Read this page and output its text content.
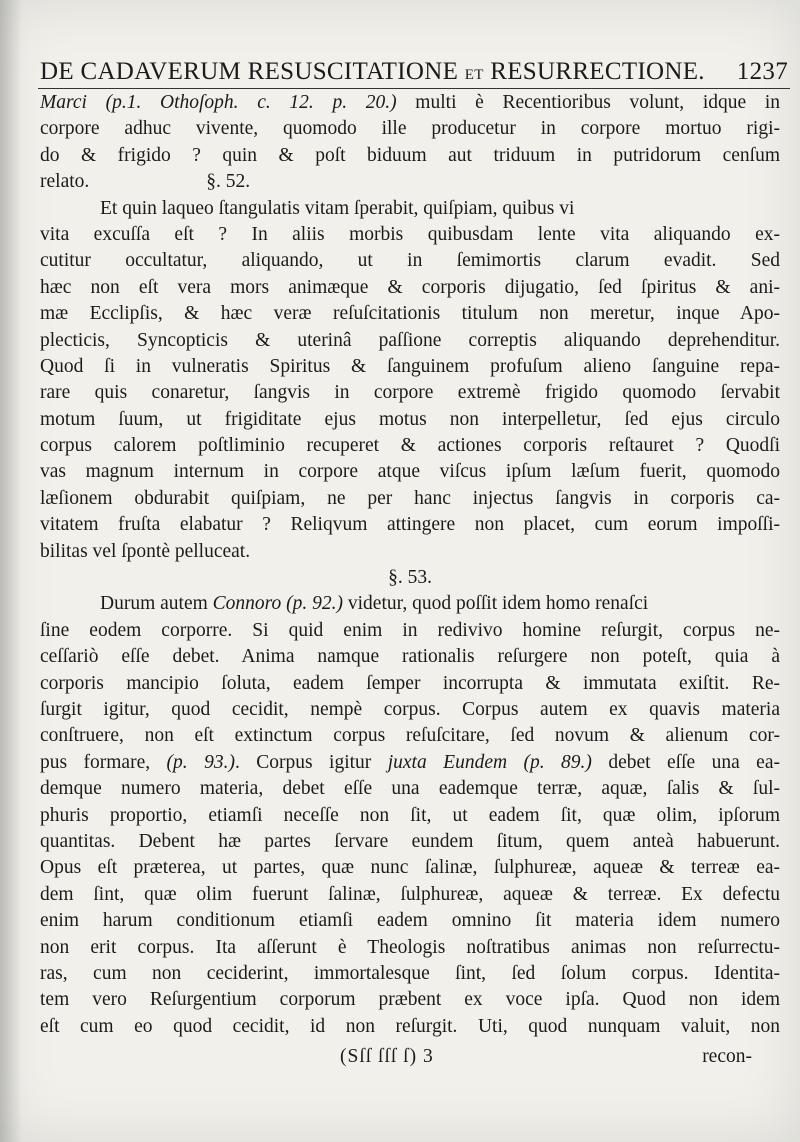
DE CADAVERUM RESUSCITATIONE ET RESURRECTIONE. 1237
Marci (p.1. Othoſoph. c. 12. p. 20.) multi è Recentioribus volunt, idque in
corpore adhuc vivente, quomodo ille producetur in corpore mortuo rigi-
do & frigido ? quin & poſt biduum aut triduum in putridorum cenſum
relato.                        §. 52.
Et quin laqueo ſtangulatis vitam ſperabit, quiſpiam, quibus vi
vita excuſſa eſt ? In aliis morbis quibusdam lente vita aliquando ex-
cutitur occultatur, aliquando, ut in ſemimortis clarum evadit. Sed
hæc non eſt vera mors animæque & corporis dijugatio, ſed ſpiritus & ani-
mæ Ecclipſis, & hæc veræ reſuſcitationis titulum non meretur, inque Apo-
plecticis, Syncopticis & uterinâ paſſione correptis aliquando deprehenditur.
Quod ſi in vulneratis Spiritus & ſanguinem profuſum alieno ſanguine repa-
rare quis conaretur, ſangvis in corpore extremè frigido quomodo ſervabit
motum ſuum, ut frigiditate ejus motus non interpelletur, ſed ejus circulo
corpus calorem poſtliminio recuperet & actiones corporis reſtauret ? Quodſi
vas magnum internum in corpore atque viſcus ipſum læſum fuerit, quomodo
læſionem obdurabit quiſpiam, ne per hanc injectus ſangvis in corporis ca-
vitatem fruſta elabatur ? Reliqvum attingere non placet, cum eorum impoſſi-
bilitas vel ſpontè pelluceat.
§. 53.
Durum autem Connoro (p. 92.) videtur, quod poſſit idem homo renaſci
ſine eodem corporre. Si quid enim in redivivo homine reſurgit, corpus ne-
ceſſariò eſſe debet. Anima namque rationalis reſurgere non poteſt, quia à
corporis mancipio ſoluta, eadem ſemper incorrupta & immutata exiſtit. Re-
ſurgit igitur, quod cecidit, nempè corpus. Corpus autem ex quavis materia
conſtruere, non eſt extinctum corpus reſuſcitare, ſed novum & alienum cor-
pus formare, (p. 93.). Corpus igitur juxta Eundem (p. 89.) debet eſſe una ea-
demque numero materia, debet eſſe una eademque terræ, aquæ, ſalis & ſul-
phuris proportio, etiamſi neceſſe non ſit, ut eadem ſit, quæ olim, ipſorum
quantitas. Debent hæ partes ſervare eundem ſitum, quem anteà habuerunt.
Opus eſt præterea, ut partes, quæ nunc ſalinæ, ſulphureæ, aqueæ & terreæ ea-
dem ſint, quæ olim fuerunt ſalinæ, ſulphureæ, aqueæ & terreæ. Ex defectu
enim harum conditionum etiamſi eadem omnino ſit materia idem numero
non erit corpus. Ita aſſerunt è Theologis noſtratibus animas non reſurrectu-
ras, cum non ceciderint, immortalesque ſint, ſed ſolum corpus. Identita-
tem vero Reſurgentium corporum præbent ex voce ipſa. Quod non idem
eſt cum eo quod cecidit, id non reſurgit. Uti, quod nunquam valuit, non
(Sſſ ſſſ ſ) 3	recon-
